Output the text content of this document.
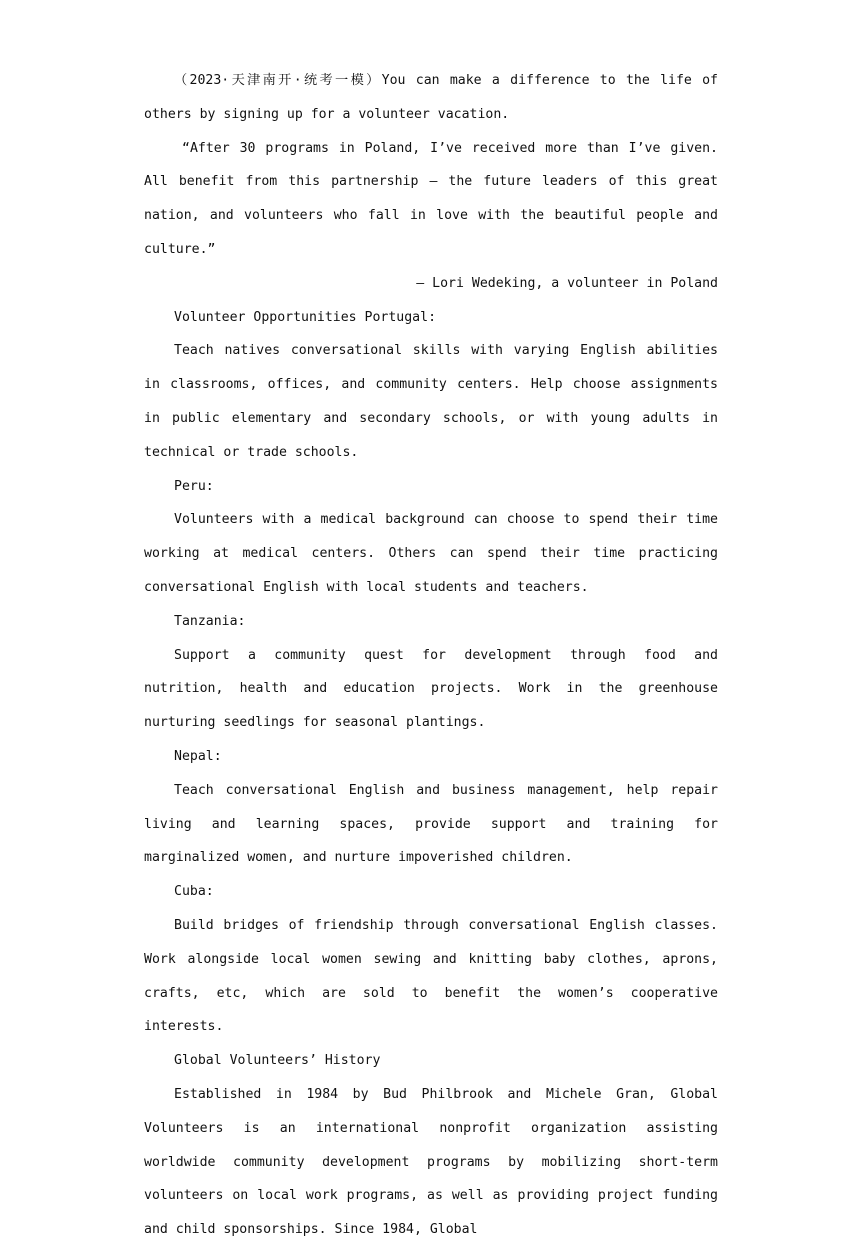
（2023·天津南开·统考一模）You can make a difference to the life of others by signing up for a volunteer vacation.

“After 30 programs in Poland, I’ve received more than I’ve given. All benefit from this partnership — the future leaders of this great nation, and volunteers who fall in love with the beautiful people and culture.”

– Lori Wedeking, a volunteer in Poland

Volunteer Opportunities Portugal:

Teach natives conversational skills with varying English abilities in classrooms, offices, and community centers. Help choose assignments in public elementary and secondary schools, or with young adults in technical or trade schools.

Peru:

Volunteers with a medical background can choose to spend their time working at medical centers. Others can spend their time practicing conversational English with local students and teachers.

Tanzania:

Support a community quest for development through food and nutrition, health and education projects. Work in the greenhouse nurturing seedlings for seasonal plantings.

Nepal:

Teach conversational English and business management, help repair living and learning spaces, provide support and training for marginalized women, and nurture impoverished children.

Cuba:

Build bridges of friendship through conversational English classes. Work alongside local women sewing and knitting baby clothes, aprons, crafts, etc, which are sold to benefit the women’s cooperative interests.

Global Volunteers’ History

Established in 1984 by Bud Philbrook and Michele Gran, Global Volunteers is an international nonprofit organization assisting worldwide community development programs by mobilizing short-term volunteers on local work programs, as well as providing project funding and child sponsorships. Since 1984, Global
